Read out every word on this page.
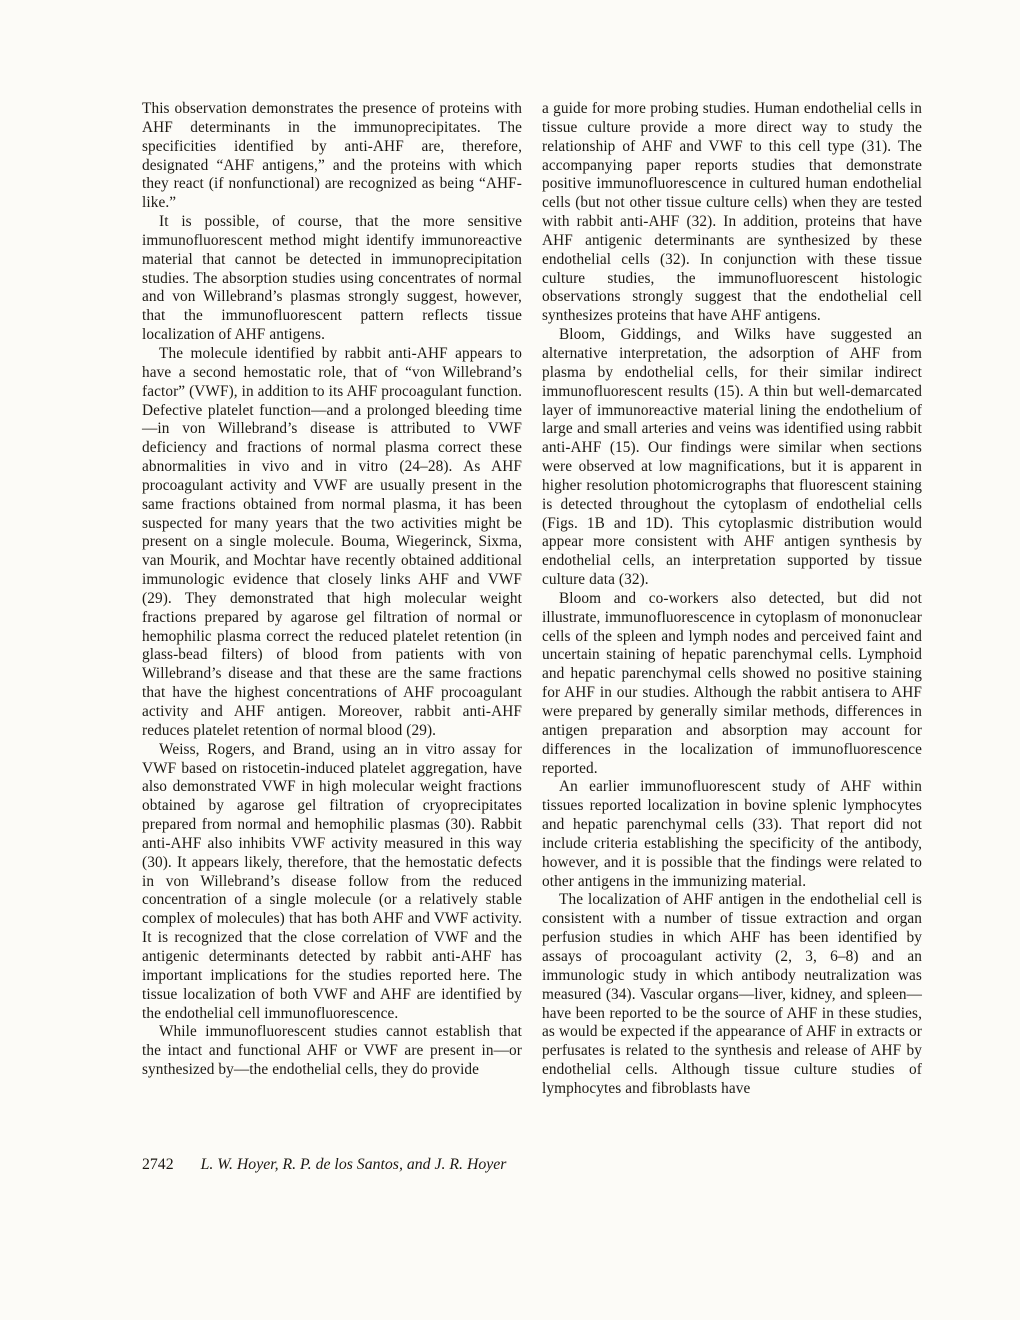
This observation demonstrates the presence of proteins with AHF determinants in the immunoprecipitates. The specificities identified by anti-AHF are, therefore, designated “AHF antigens,” and the proteins with which they react (if nonfunctional) are recognized as being “AHF-like.”

It is possible, of course, that the more sensitive immunofluorescent method might identify immunoreactive material that cannot be detected in immunoprecipitation studies. The absorption studies using concentrates of normal and von Willebrand’s plasmas strongly suggest, however, that the immunofluorescent pattern reflects tissue localization of AHF antigens.

The molecule identified by rabbit anti-AHF appears to have a second hemostatic role, that of “von Willebrand’s factor” (VWF), in addition to its AHF procoagulant function. Defective platelet function—and a prolonged bleeding time—in von Willebrand’s disease is attributed to VWF deficiency and fractions of normal plasma correct these abnormalities in vivo and in vitro (24–28). As AHF procoagulant activity and VWF are usually present in the same fractions obtained from normal plasma, it has been suspected for many years that the two activities might be present on a single molecule. Bouma, Wiegerinck, Sixma, van Mourik, and Mochtar have recently obtained additional immunologic evidence that closely links AHF and VWF (29). They demonstrated that high molecular weight fractions prepared by agarose gel filtration of normal or hemophilic plasma correct the reduced platelet retention (in glass-bead filters) of blood from patients with von Willebrand’s disease and that these are the same fractions that have the highest concentrations of AHF procoagulant activity and AHF antigen. Moreover, rabbit anti-AHF reduces platelet retention of normal blood (29).

Weiss, Rogers, and Brand, using an in vitro assay for VWF based on ristocetin-induced platelet aggregation, have also demonstrated VWF in high molecular weight fractions obtained by agarose gel filtration of cryoprecipitates prepared from normal and hemophilic plasmas (30). Rabbit anti-AHF also inhibits VWF activity measured in this way (30). It appears likely, therefore, that the hemostatic defects in von Willebrand’s disease follow from the reduced concentration of a single molecule (or a relatively stable complex of molecules) that has both AHF and VWF activity. It is recognized that the close correlation of VWF and the antigenic determinants detected by rabbit anti-AHF has important implications for the studies reported here. The tissue localization of both VWF and AHF are identified by the endothelial cell immunofluorescence.

While immunofluorescent studies cannot establish that the intact and functional AHF or VWF are present in—or synthesized by—the endothelial cells, they do provide

a guide for more probing studies. Human endothelial cells in tissue culture provide a more direct way to study the relationship of AHF and VWF to this cell type (31). The accompanying paper reports studies that demonstrate positive immunofluorescence in cultured human endothelial cells (but not other tissue culture cells) when they are tested with rabbit anti-AHF (32). In addition, proteins that have AHF antigenic determinants are synthesized by these endothelial cells (32). In conjunction with these tissue culture studies, the immunofluorescent histologic observations strongly suggest that the endothelial cell synthesizes proteins that have AHF antigens.

Bloom, Giddings, and Wilks have suggested an alternative interpretation, the adsorption of AHF from plasma by endothelial cells, for their similar indirect immunofluorescent results (15). A thin but well-demarcated layer of immunoreactive material lining the endothelium of large and small arteries and veins was identified using rabbit anti-AHF (15). Our findings were similar when sections were observed at low magnifications, but it is apparent in higher resolution photomicrographs that fluorescent staining is detected throughout the cytoplasm of endothelial cells (Figs. 1B and 1D). This cytoplasmic distribution would appear more consistent with AHF antigen synthesis by endothelial cells, an interpretation supported by tissue culture data (32).

Bloom and co-workers also detected, but did not illustrate, immunofluorescence in cytoplasm of mononuclear cells of the spleen and lymph nodes and perceived faint and uncertain staining of hepatic parenchymal cells. Lymphoid and hepatic parenchymal cells showed no positive staining for AHF in our studies. Although the rabbit antisera to AHF were prepared by generally similar methods, differences in antigen preparation and absorption may account for differences in the localization of immunofluorescence reported.

An earlier immunofluorescent study of AHF within tissues reported localization in bovine splenic lymphocytes and hepatic parenchymal cells (33). That report did not include criteria establishing the specificity of the antibody, however, and it is possible that the findings were related to other antigens in the immunizing material.

The localization of AHF antigen in the endothelial cell is consistent with a number of tissue extraction and organ perfusion studies in which AHF has been identified by assays of procoagulant activity (2, 3, 6–8) and an immunologic study in which antibody neutralization was measured (34). Vascular organs—liver, kidney, and spleen—have been reported to be the source of AHF in these studies, as would be expected if the appearance of AHF in extracts or perfusates is related to the synthesis and release of AHF by endothelial cells. Although tissue culture studies of lymphocytes and fibroblasts have

2742 L. W. Hoyer, R. P. de los Santos, and J. R. Hoyer
